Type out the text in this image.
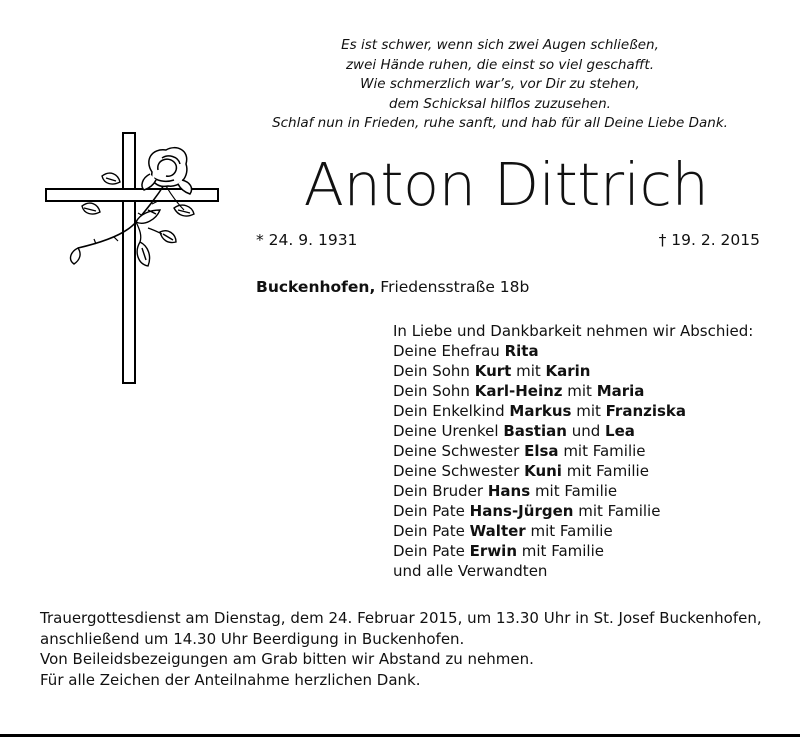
Es ist schwer, wenn sich zwei Augen schließen,
zwei Hände ruhen, die einst so viel geschafft.
Wie schmerzlich war’s, vor Dir zu stehen,
dem Schicksal hilflos zuzusehen.
Schlaf nun in Frieden, ruhe sanft, und hab für all Deine Liebe Dank.
Anton Dittrich
* 24. 9. 1931	† 19. 2. 2015
Buckenhofen, Friedensstraße 18b
In Liebe und Dankbarkeit nehmen wir Abschied:
Deine Ehefrau Rita
Dein Sohn Kurt mit Karin
Dein Sohn Karl-Heinz mit Maria
Dein Enkelkind Markus mit Franziska
Deine Urenkel Bastian und Lea
Deine Schwester Elsa mit Familie
Deine Schwester Kuni mit Familie
Dein Bruder Hans mit Familie
Dein Pate Hans-Jürgen mit Familie
Dein Pate Walter mit Familie
Dein Pate Erwin mit Familie
und alle Verwandten
Trauergottesdienst am Dienstag, dem 24. Februar 2015, um 13.30 Uhr in St. Josef Buckenhofen,
anschließend um 14.30 Uhr Beerdigung in Buckenhofen.
Von Beileidsbezeigungen am Grab bitten wir Abstand zu nehmen.
Für alle Zeichen der Anteilnahme herzlichen Dank.
